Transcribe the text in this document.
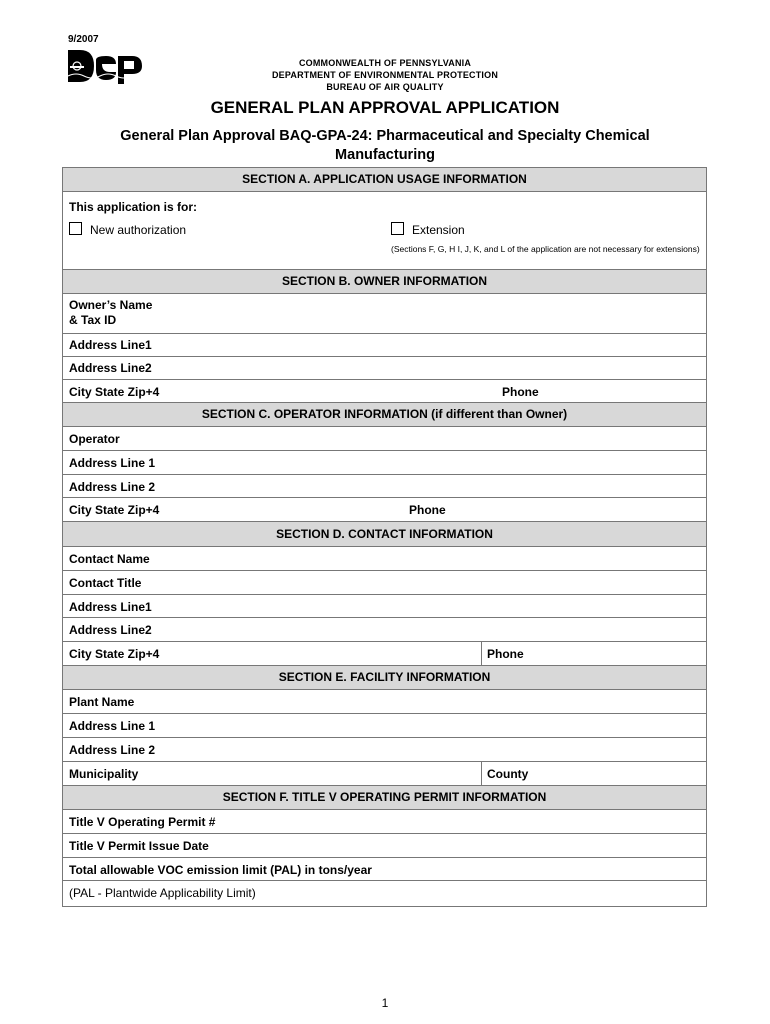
9/2007
COMMONWEALTH OF PENNSYLVANIA
DEPARTMENT OF ENVIRONMENTAL PROTECTION
BUREAU OF AIR QUALITY
GENERAL PLAN APPROVAL APPLICATION
General Plan Approval BAQ-GPA-24: Pharmaceutical and Specialty Chemical Manufacturing
SECTION A. APPLICATION USAGE INFORMATION
This application is for:
New authorization	Extension
(Sections F, G, H I, J, K, and L of the application are not necessary for extensions)
SECTION B. OWNER INFORMATION
Owner’s Name
& Tax ID
Address Line1
Address Line2
City State Zip+4	Phone
SECTION C. OPERATOR INFORMATION (if different than Owner)
Operator
Address Line 1
Address Line 2
City State Zip+4	Phone
SECTION D. CONTACT INFORMATION
Contact Name
Contact Title
Address Line1
Address Line2
City State Zip+4	Phone
SECTION E. FACILITY INFORMATION
Plant Name
Address Line 1
Address Line 2
Municipality	County
SECTION F. TITLE V OPERATING PERMIT INFORMATION
Title V Operating Permit #
Title V Permit Issue Date
Total allowable VOC emission limit (PAL) in tons/year
(PAL - Plantwide Applicability Limit)
1
